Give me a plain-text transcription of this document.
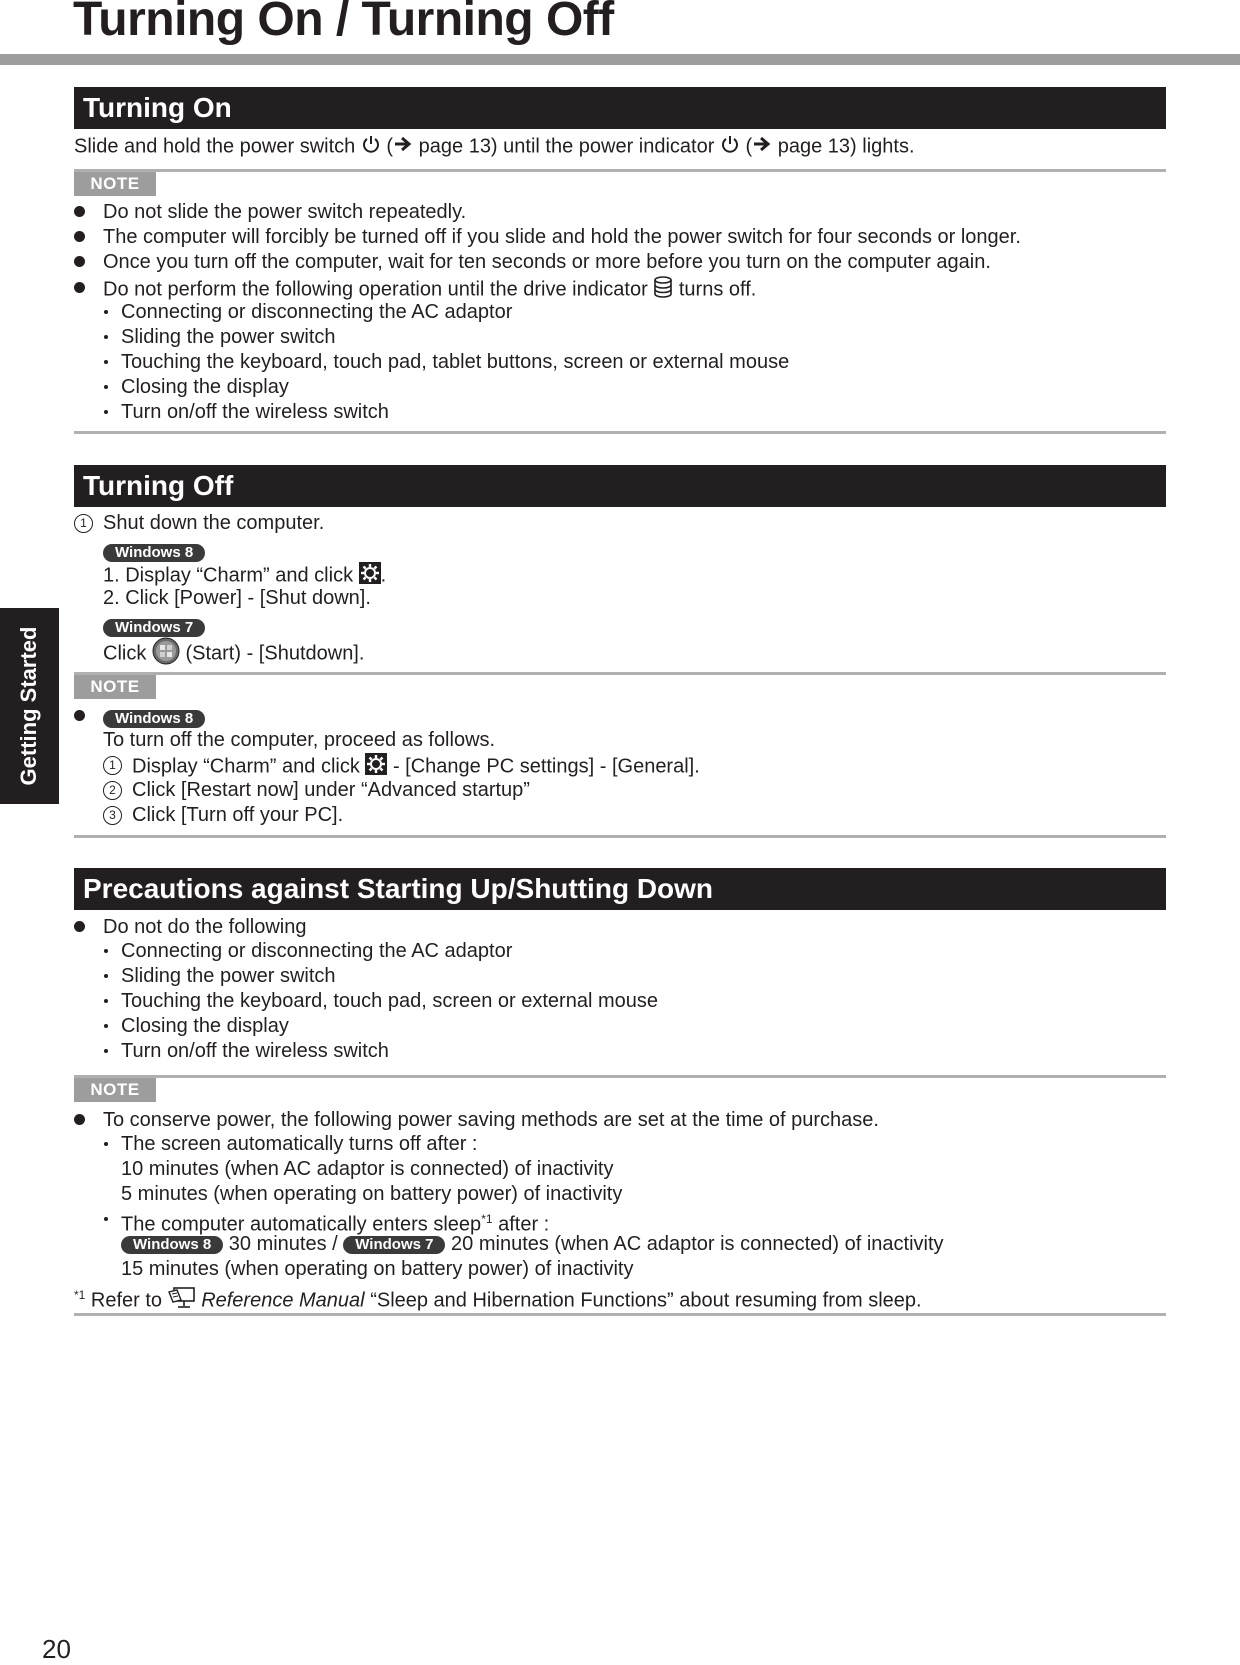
Turning On / Turning Off
Getting Started
Turning On
Slide and hold the power switch ( page 13) until the power indicator ( page 13) lights.
NOTE
Do not slide the power switch repeatedly.
The computer will forcibly be turned off if you slide and hold the power switch for four seconds or longer.
Once you turn off the computer, wait for ten seconds or more before you turn on the computer again.
Do not perform the following operation until the drive indicator turns off.
Connecting or disconnecting the AC adaptor
Sliding the power switch
Touching the keyboard, touch pad, tablet buttons, screen or external mouse
Closing the display
Turn on/off the wireless switch
Turning Off
1 Shut down the computer.
Windows 8
1. Display “Charm” and click .
2. Click [Power] - [Shut down].
Windows 7
Click (Start) - [Shutdown].
NOTE
Windows 8
To turn off the computer, proceed as follows.
1 Display “Charm” and click - [Change PC settings] - [General].
2 Click [Restart now] under “Advanced startup”
3 Click [Turn off your PC].
Precautions against Starting Up/Shutting Down
Do not do the following
Connecting or disconnecting the AC adaptor
Sliding the power switch
Touching the keyboard, touch pad, screen or external mouse
Closing the display
Turn on/off the wireless switch
NOTE
To conserve power, the following power saving methods are set at the time of purchase.
The screen automatically turns off after :
10 minutes (when AC adaptor is connected) of inactivity
5 minutes (when operating on battery power) of inactivity
The computer automatically enters sleep$^{*1}$ after :
Windows 8 30 minutes / Windows 7 20 minutes (when AC adaptor is connected) of inactivity
15 minutes (when operating on battery power) of inactivity
$^{*1}$ Refer to Reference Manual “Sleep and Hibernation Functions” about resuming from sleep.
20
